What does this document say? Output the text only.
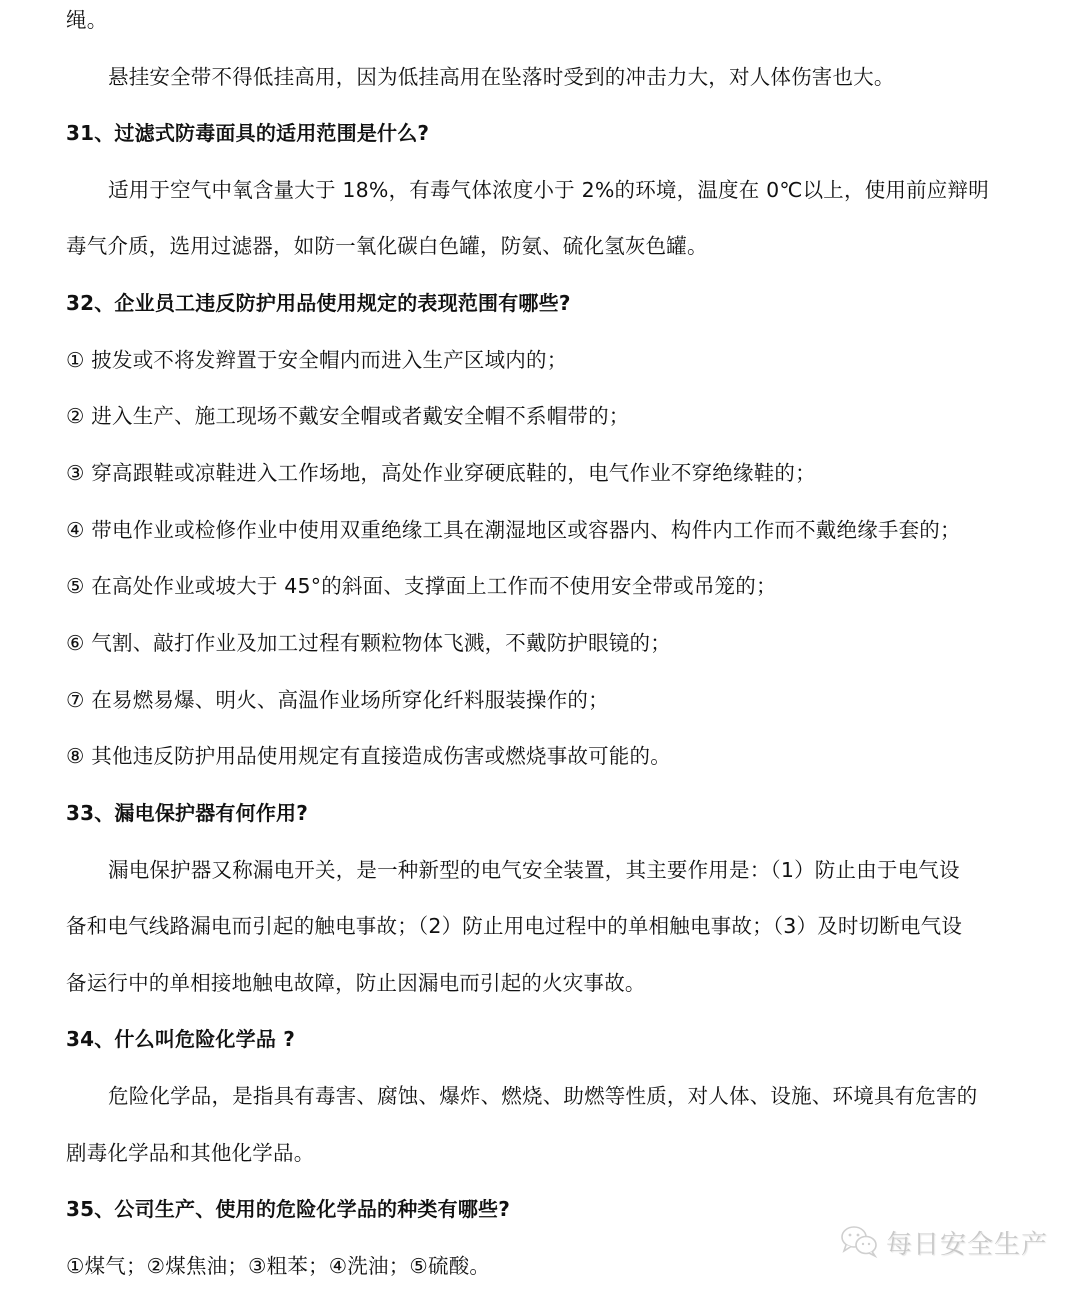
绳。
悬挂安全带不得低挂高用，因为低挂高用在坠落时受到的冲击力大，对人体伤害也大。
31、过滤式防毒面具的适用范围是什么?
适用于空气中氧含量大于 18%，有毒气体浓度小于 2%的环境，温度在 0℃以上，使用前应辩明
毒气介质，选用过滤器，如防一氧化碳白色罐，防氨、硫化氢灰色罐。
32、企业员工违反防护用品使用规定的表现范围有哪些?
① 披发或不将发辫置于安全帽内而进入生产区域内的；
② 进入生产、施工现场不戴安全帽或者戴安全帽不系帽带的；
③ 穿高跟鞋或凉鞋进入工作场地，高处作业穿硬底鞋的，电气作业不穿绝缘鞋的；
④ 带电作业或检修作业中使用双重绝缘工具在潮湿地区或容器内、构件内工作而不戴绝缘手套的；
⑤ 在高处作业或坡大于 45°的斜面、支撑面上工作而不使用安全带或吊笼的；
⑥ 气割、敲打作业及加工过程有颗粒物体飞溅，不戴防护眼镜的；
⑦ 在易燃易爆、明火、高温作业场所穿化纤料服装操作的；
⑧ 其他违反防护用品使用规定有直接造成伤害或燃烧事故可能的。
33、漏电保护器有何作用?
漏电保护器又称漏电开关，是一种新型的电气安全装置，其主要作用是：（1）防止由于电气设
备和电气线路漏电而引起的触电事故；（2）防止用电过程中的单相触电事故；（3）及时切断电气设
备运行中的单相接地触电故障，防止因漏电而引起的火灾事故。
34、什么叫危险化学品 ?
危险化学品，是指具有毒害、腐蚀、爆炸、燃烧、助燃等性质，对人体、设施、环境具有危害的
剧毒化学品和其他化学品。
35、公司生产、使用的危险化学品的种类有哪些?
①煤气；②煤焦油；③粗苯；④洗油；⑤硫酸。
每日安全生产
